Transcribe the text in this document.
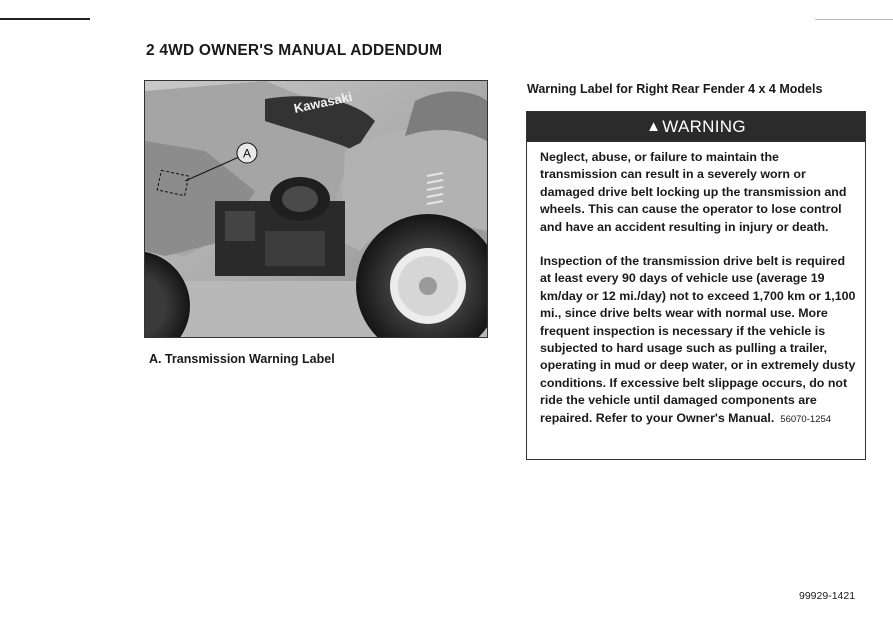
2 4WD OWNER'S MANUAL ADDENDUM
Kawasaki
A
A. Transmission Warning Label
Warning Label for Right Rear Fender 4 x 4 Models
▲ WARNING

Neglect, abuse, or failure to maintain the transmission can result in a severely worn or damaged drive belt locking up the transmission and wheels. This can cause the operator to lose control and have an accident resulting in injury or death.

Inspection of the transmission drive belt is required at least every 90 days of vehicle use (average 19 km/day or 12 mi./day) not to exceed 1,700 km or 1,100 mi., since drive belts wear with normal use. More frequent inspection is necessary if the vehicle is subjected to hard usage such as pulling a trailer, operating in mud or deep water, or in extremely dusty conditions. If excessive belt slippage occurs, do not ride the vehicle until damaged components are repaired. Refer to your Owner's Manual. 56070-1254

99929-1421
